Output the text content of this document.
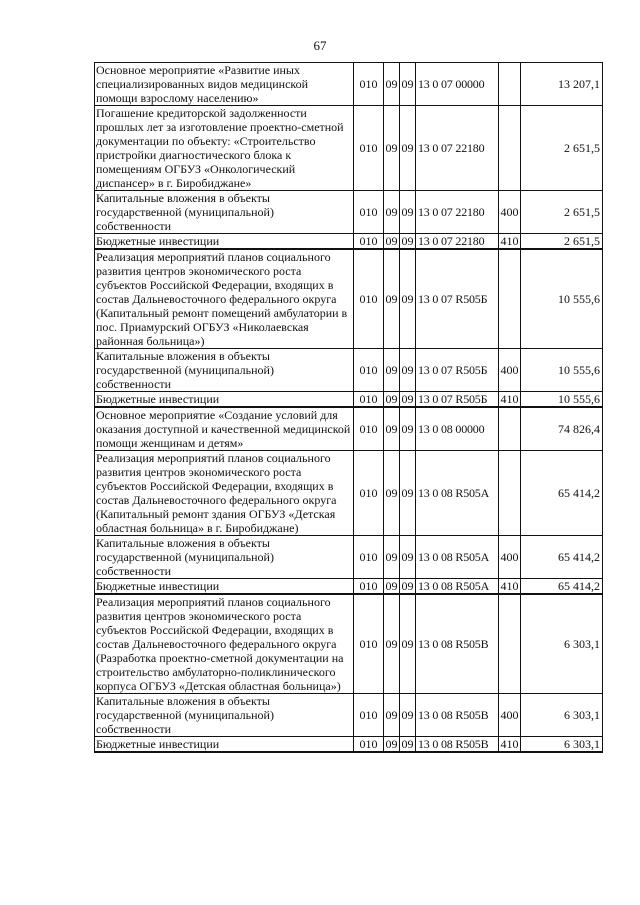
67
Основное мероприятие «Развитие иных специализированных видов медицинской помощи взрослому населению»	010	09	09	13 0 07 00000		13 207,1
Погашение кредиторской задолженности прошлых лет за изготовление проектно-сметной документации по объекту: «Строительство пристройки диагностического блока к помещениям ОГБУЗ «Онкологический диспансер» в г. Биробиджане»	010	09	09	13 0 07 22180		2 651,5
Капитальные вложения в объекты государственной (муниципальной) собственности	010	09	09	13 0 07 22180	400	2 651,5
Бюджетные инвестиции	010	09	09	13 0 07 22180	410	2 651,5
Реализация мероприятий планов социального развития центров экономического роста субъектов Российской Федерации, входящих в состав Дальневосточного федерального округа (Капитальный ремонт помещений амбулатории в пос. Приамурский ОГБУЗ «Николаевская районная больница»)	010	09	09	13 0 07 R505Б		10 555,6
Капитальные вложения в объекты государственной (муниципальной) собственности	010	09	09	13 0 07 R505Б	400	10 555,6
Бюджетные инвестиции	010	09	09	13 0 07 R505Б	410	10 555,6
Основное мероприятие «Создание условий для оказания доступной и качественной медицинской помощи женщинам и детям»	010	09	09	13 0 08 00000		74 826,4
Реализация мероприятий планов социального развития центров экономического роста субъектов Российской Федерации, входящих в состав Дальневосточного федерального округа (Капитальный ремонт здания ОГБУЗ «Детская областная больница» в г. Биробиджане)	010	09	09	13 0 08 R505А		65 414,2
Капитальные вложения в объекты государственной (муниципальной) собственности	010	09	09	13 0 08 R505А	400	65 414,2
Бюджетные инвестиции	010	09	09	13 0 08 R505А	410	65 414,2
Реализация мероприятий планов социального развития центров экономического роста субъектов Российской Федерации, входящих в состав Дальневосточного федерального округа (Разработка проектно-сметной документации на строительство амбулаторно-поликлинического корпуса ОГБУЗ «Детская областная больница»)	010	09	09	13 0 08 R505В		6 303,1
Капитальные вложения в объекты государственной (муниципальной) собственности	010	09	09	13 0 08 R505В	400	6 303,1
Бюджетные инвестиции	010	09	09	13 0 08 R505В	410	6 303,1
